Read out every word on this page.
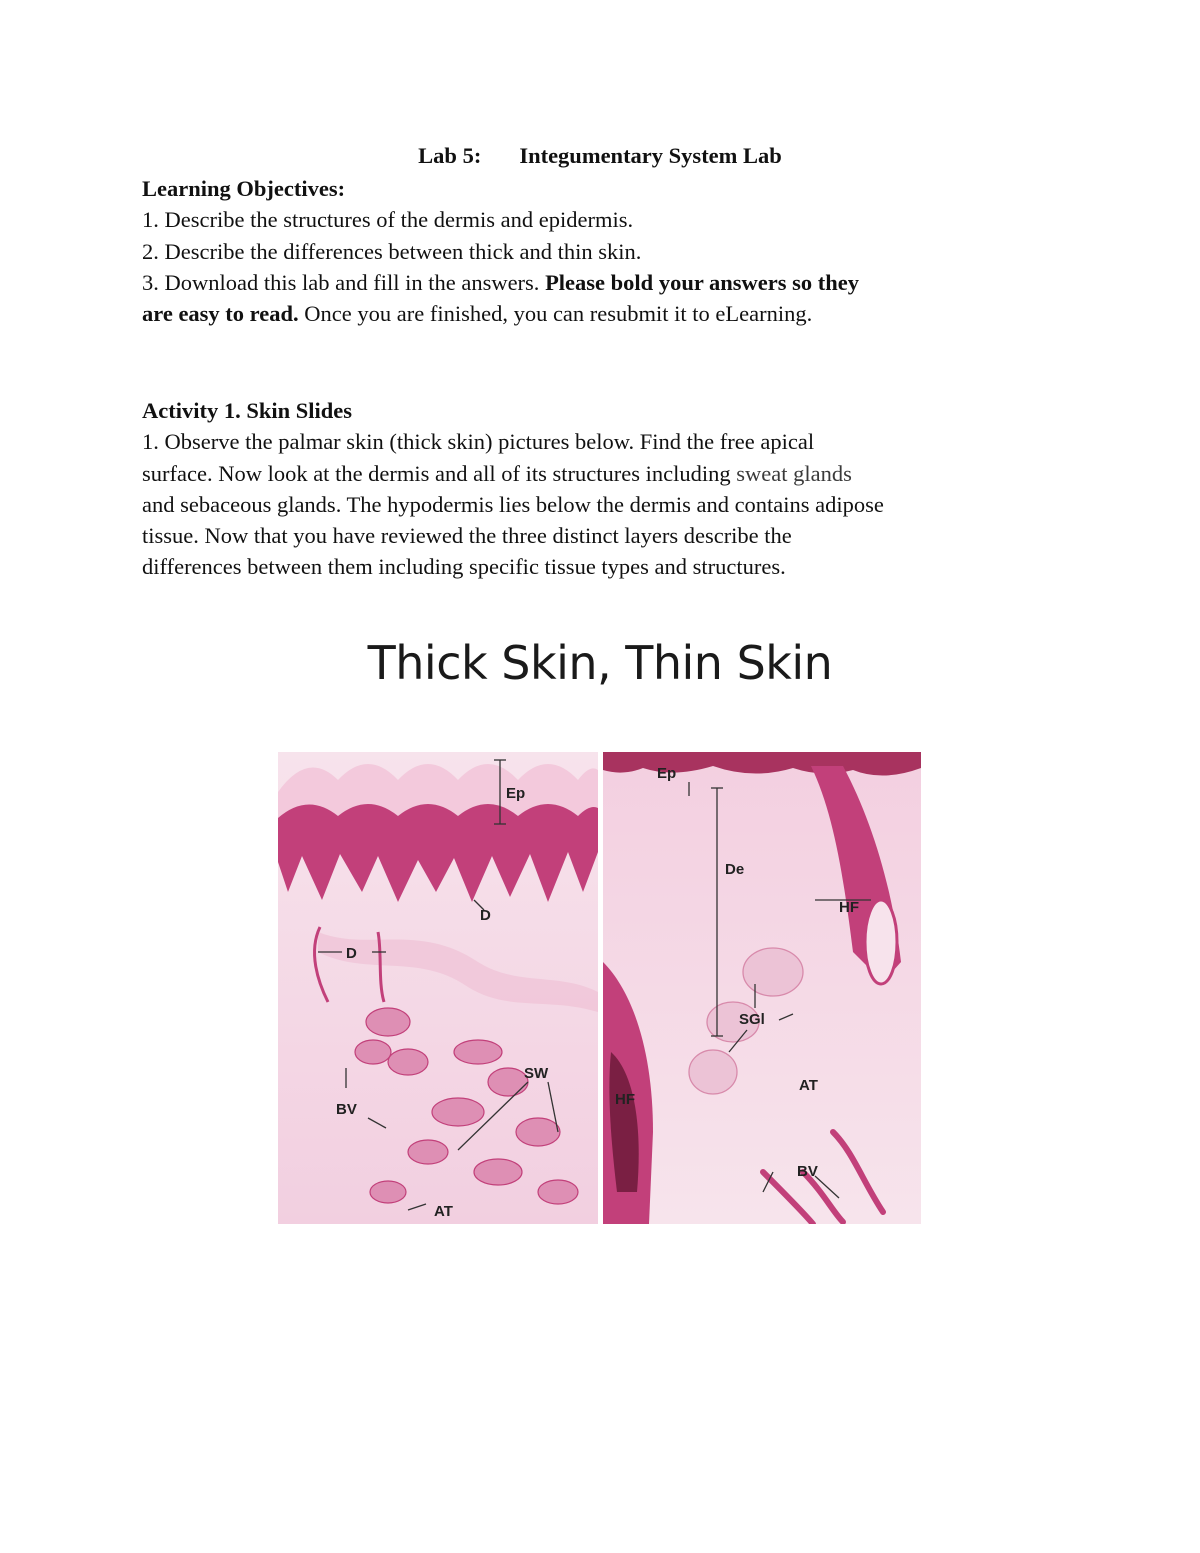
Lab 5: Integumentary System Lab
Learning Objectives:
1. Describe the structures of the dermis and epidermis.
2. Describe the differences between thick and thin skin.
3. Download this lab and fill in the answers. Please bold your answers so they
are easy to read. Once you are finished, you can resubmit it to eLearning.
Activity 1. Skin Slides
1. Observe the palmar skin (thick skin) pictures below. Find the free apical
surface. Now look at the dermis and all of its structures including sweat glands
and sebaceous glands. The hypodermis lies below the dermis and contains adipose
tissue. Now that you have reviewed the three distinct layers describe the
differences between them including specific tissue types and structures.
Thick Skin, Thin Skin
Ep
D
D
SW
BV
AT
Ep
De
HF
SGl
AT
HF
BV
